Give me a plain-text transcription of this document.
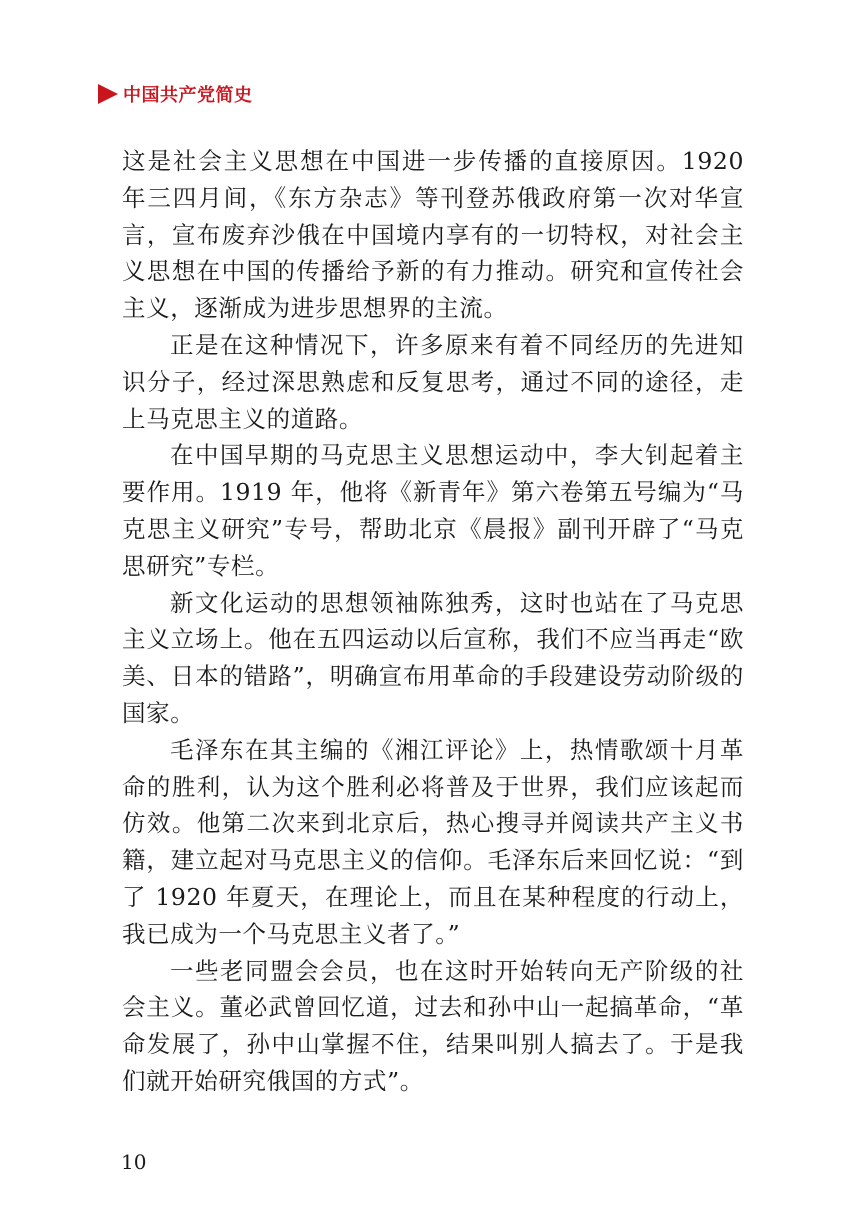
中国共产党简史

这是社会主义思想在中国进一步传播的直接原因。1920 年三四月间，《东方杂志》等刊登苏俄政府第一次对华宣言，宣布废弃沙俄在中国境内享有的一切特权，对社会主义思想在中国的传播给予新的有力推动。研究和宣传社会主义，逐渐成为进步思想界的主流。

正是在这种情况下，许多原来有着不同经历的先进知识分子，经过深思熟虑和反复思考，通过不同的途径，走上马克思主义的道路。

在中国早期的马克思主义思想运动中，李大钊起着主要作用。1919 年，他将《新青年》第六卷第五号编为“马克思主义研究”专号，帮助北京《晨报》副刊开辟了“马克思研究”专栏。

新文化运动的思想领袖陈独秀，这时也站在了马克思主义立场上。他在五四运动以后宣称，我们不应当再走“欧美、日本的错路”，明确宣布用革命的手段建设劳动阶级的国家。

毛泽东在其主编的《湘江评论》上，热情歌颂十月革命的胜利，认为这个胜利必将普及于世界，我们应该起而仿效。他第二次来到北京后，热心搜寻并阅读共产主义书籍，建立起对马克思主义的信仰。毛泽东后来回忆说：“到了 1920 年夏天，在理论上，而且在某种程度的行动上，我已成为一个马克思主义者了。”

一些老同盟会会员，也在这时开始转向无产阶级的社会主义。董必武曾回忆道，过去和孙中山一起搞革命，“革命发展了，孙中山掌握不住，结果叫别人搞去了。于是我们就开始研究俄国的方式”。

10
